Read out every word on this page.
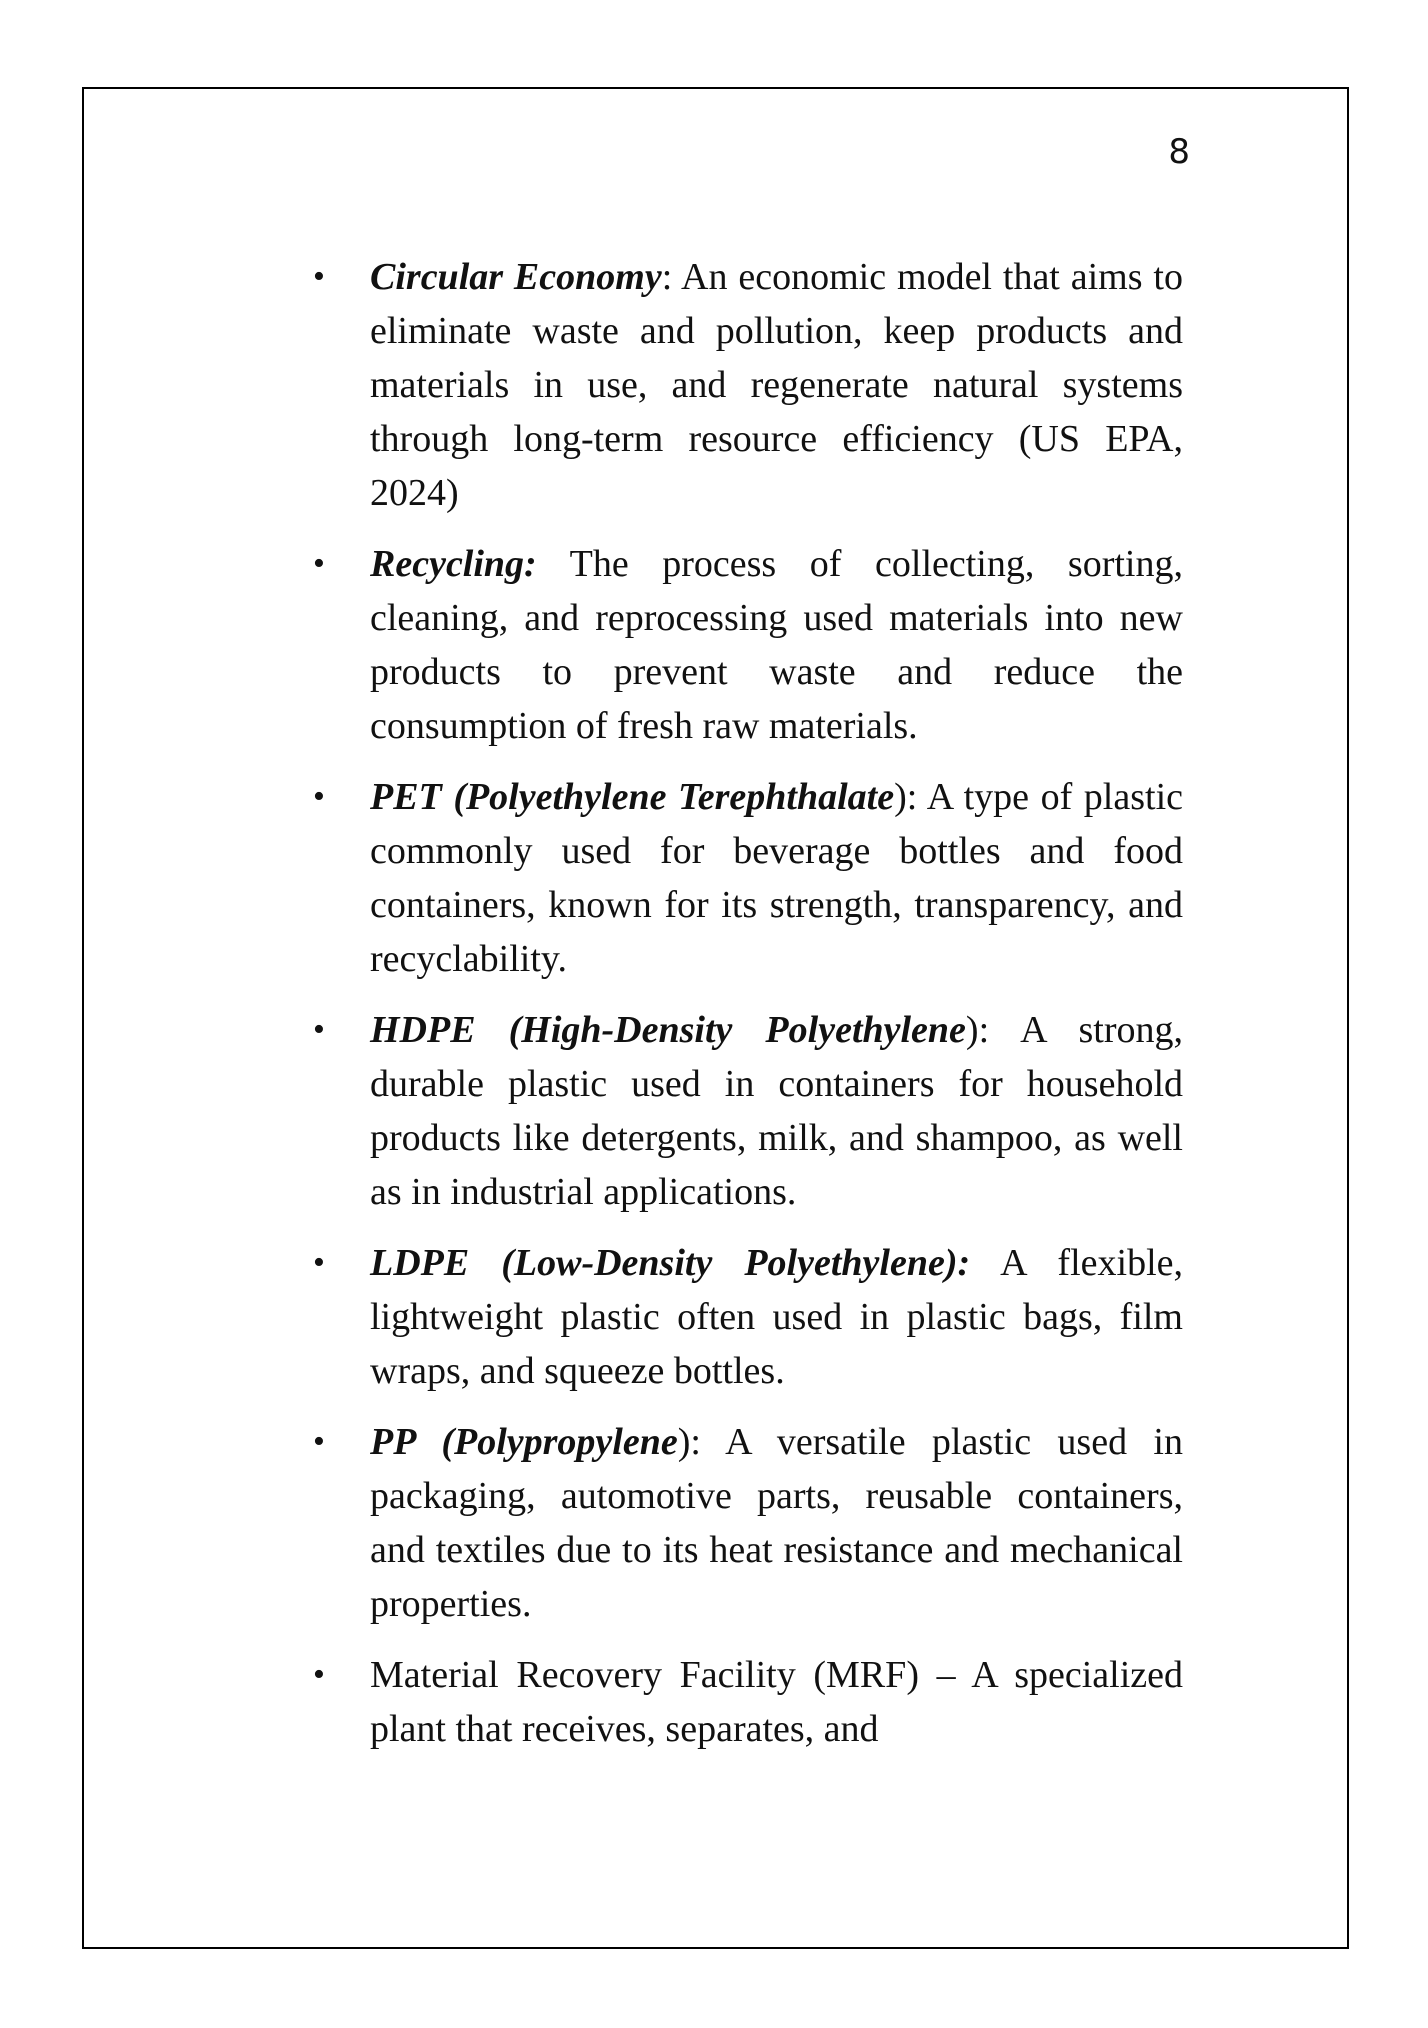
8
• Circular Economy: An economic model that aims to eliminate waste and pollution, keep products and materials in use, and regenerate natural systems through long-term resource efficiency (US EPA, 2024)
• Recycling: The process of collecting, sorting, cleaning, and reprocessing used materials into new products to prevent waste and reduce the consumption of fresh raw materials.
• PET (Polyethylene Terephthalate): A type of plastic commonly used for beverage bottles and food containers, known for its strength, transparency, and recyclability.
• HDPE (High-Density Polyethylene): A strong, durable plastic used in containers for household products like detergents, milk, and shampoo, as well as in industrial applications.
• LDPE (Low-Density Polyethylene): A flexible, lightweight plastic often used in plastic bags, film wraps, and squeeze bottles.
• PP (Polypropylene): A versatile plastic used in packaging, automotive parts, reusable containers, and textiles due to its heat resistance and mechanical properties.
• Material Recovery Facility (MRF) – A specialized plant that receives, separates, and
